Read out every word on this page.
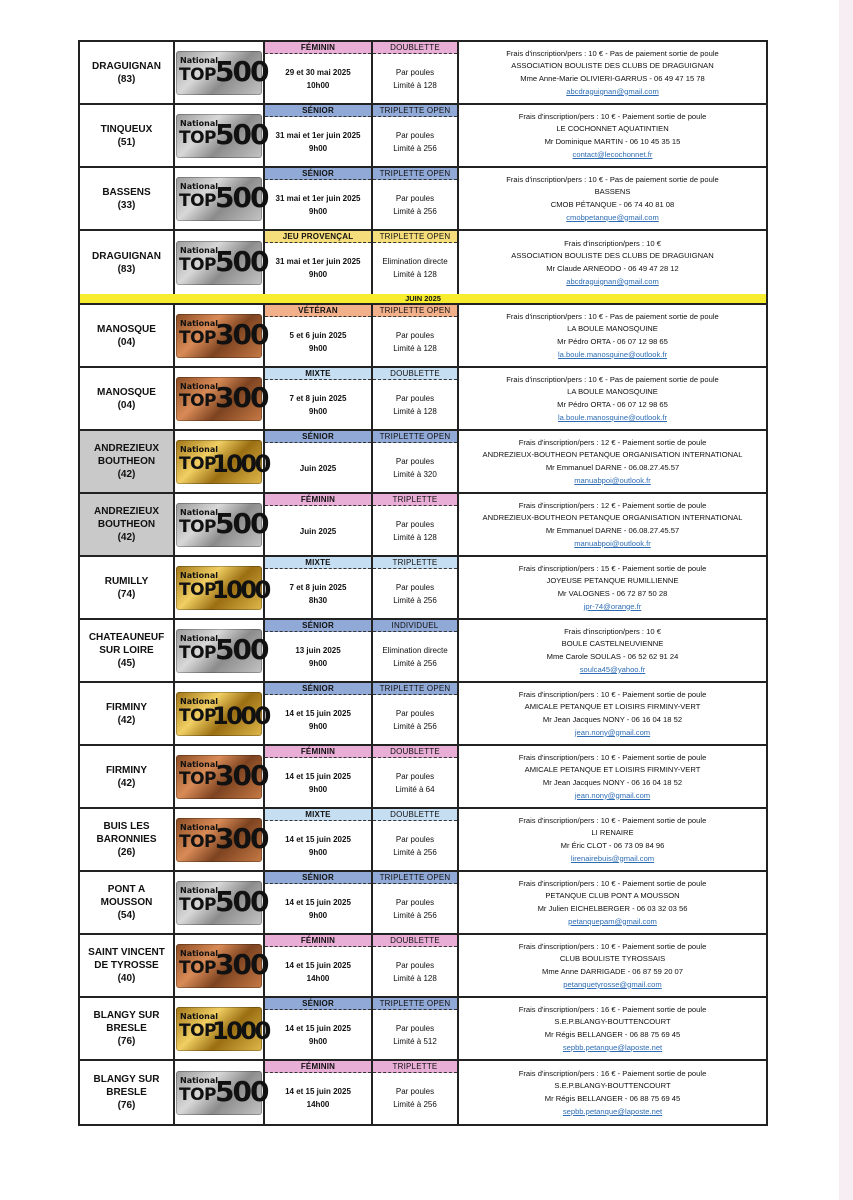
DRAGUIGNAN
(83)
National
TOP
500
FÉMININ
29 et 30 mai 2025
10h00
DOUBLETTE
Par poules
Limité à 128
Frais d'inscription/pers : 10 € - Pas de paiement sortie de poule
ASSOCIATION BOULISTE DES CLUBS DE DRAGUIGNAN
Mme Anne-Marie OLIVIERI-GARRUS - 06 49 47 15 78
abcdraguignan@gmail.com
TINQUEUX
(51)
National
TOP
500
SÉNIOR
31 mai et 1er juin 2025
9h00
TRIPLETTE OPEN
Par poules
Limité à 256
Frais d'inscription/pers : 10 € - Paiement sortie de poule
LE COCHONNET AQUATINTIEN
Mr Dominique MARTIN - 06 10 45 35 15
contact@lecochonnet.fr
BASSENS
(33)
National
TOP
500
SÉNIOR
31 mai et 1er juin 2025
9h00
TRIPLETTE OPEN
Par poules
Limité à 256
Frais d'inscription/pers : 10 € - Pas de paiement sortie de poule
BASSENS
CMOB PÉTANQUE - 06 74 40 81 08
cmobpetanque@gmail.com
DRAGUIGNAN
(83)
National
TOP
500
JEU PROVENÇAL
31 mai et 1er juin 2025
9h00
TRIPLETTE OPEN
Elimination directe
Limité à 128
Frais d'inscription/pers : 10 €
ASSOCIATION BOULISTE DES CLUBS DE DRAGUIGNAN
Mr Claude ARNEODO - 06 49 47 28 12
abcdraguignan@gmail.com
JUIN 2025
MANOSQUE
(04)
National
TOP
300
VÉTÉRAN
5 et 6 juin 2025
9h00
TRIPLETTE OPEN
Par poules
Limité à 128
Frais d'inscription/pers : 10 € - Pas de paiement sortie de poule
LA BOULE MANOSQUINE
Mr Pédro ORTA - 06 07 12 98 65
la.boule.manosquine@outlook.fr
MANOSQUE
(04)
National
TOP
300
MIXTE
7 et 8 juin 2025
9h00
DOUBLETTE
Par poules
Limité à 128
Frais d'inscription/pers : 10 € - Pas de paiement sortie de poule
LA BOULE MANOSQUINE
Mr Pédro ORTA - 06 07 12 98 65
la.boule.manosquine@outlook.fr
ANDREZIEUX
BOUTHEON
(42)
National
TOP
1000
SÉNIOR
Juin 2025
TRIPLETTE OPEN
Par poules
Limité à 320
Frais d'inscription/pers : 12 € - Paiement sortie de poule
ANDREZIEUX-BOUTHEON PETANQUE ORGANISATION INTERNATIONAL
Mr Emmanuel DARNE - 06.08.27.45.57
manuabpoi@outlook.fr
ANDREZIEUX
BOUTHEON
(42)
National
TOP
500
FÉMININ
Juin 2025
TRIPLETTE
Par poules
Limité à 128
Frais d'inscription/pers : 12 € - Paiement sortie de poule
ANDREZIEUX-BOUTHEON PETANQUE ORGANISATION INTERNATIONAL
Mr Emmanuel DARNE - 06.08.27.45.57
manuabpoi@outlook.fr
RUMILLY
(74)
National
TOP
1000
MIXTE
7 et 8 juin 2025
8h30
TRIPLETTE
Par poules
Limité à 256
Frais d'inscription/pers : 15 € - Paiement sortie de poule
JOYEUSE PETANQUE RUMILLIENNE
Mr VALOGNES - 06 72 87 50 28
jpr-74@orange.fr
CHATEAUNEUF
SUR LOIRE
(45)
National
TOP
500
SÉNIOR
13 juin 2025
9h00
INDIVIDUEL
Elimination directe
Limité à 256
Frais d'inscription/pers : 10 €
BOULE CASTELNEUVIENNE
Mme Carole SOULAS - 06 52 62 91 24
soulca45@yahoo.fr
FIRMINY
(42)
National
TOP
1000
SÉNIOR
14 et 15 juin 2025
9h00
TRIPLETTE OPEN
Par poules
Limité à 256
Frais d'inscription/pers : 10 € - Paiement sortie de poule
AMICALE PETANQUE ET LOISIRS FIRMINY-VERT
Mr Jean Jacques NONY - 06 16 04 18 52
jean.nony@gmail.com
FIRMINY
(42)
National
TOP
300
FÉMININ
14 et 15 juin 2025
9h00
DOUBLETTE
Par poules
Limité à 64
Frais d'inscription/pers : 10 € - Paiement sortie de poule
AMICALE PETANQUE ET LOISIRS FIRMINY-VERT
Mr Jean Jacques NONY - 06 16 04 18 52
jean.nony@gmail.com
BUIS LES
BARONNIES
(26)
National
TOP
300
MIXTE
14 et 15 juin 2025
9h00
DOUBLETTE
Par poules
Limité à 256
Frais d'inscription/pers : 10 € - Paiement sortie de poule
LI RENAIRE
Mr Éric CLOT - 06 73 09 84 96
lirenairebuis@gmail.com
PONT A
MOUSSON
(54)
National
TOP
500
SÉNIOR
14 et 15 juin 2025
9h00
TRIPLETTE OPEN
Par poules
Limité à 256
Frais d'inscription/pers : 10 € - Paiement sortie de poule
PETANQUE CLUB PONT A MOUSSON
Mr Julien EICHELBERGER - 06 03 32 03 56
petanquepam@gmail.com
SAINT VINCENT
DE TYROSSE
(40)
National
TOP
300
FÉMININ
14 et 15 juin 2025
14h00
DOUBLETTE
Par poules
Limité à 128
Frais d'inscription/pers : 10 € - Paiement sortie de poule
CLUB BOULISTE TYROSSAIS
Mme Anne DARRIGADE - 06 87 59 20 07
petanquetyrosse@gmail.com
BLANGY SUR
BRESLE
(76)
National
TOP
1000
SÉNIOR
14 et 15 juin 2025
9h00
TRIPLETTE OPEN
Par poules
Limité à 512
Frais d'inscription/pers : 16 € - Paiement sortie de poule
S.E.P.BLANGY-BOUTTENCOURT
Mr Régis BELLANGER - 06 88 75 69 45
sepbb.petanque@laposte.net
BLANGY SUR
BRESLE
(76)
National
TOP
500
FÉMININ
14 et 15 juin 2025
14h00
TRIPLETTE
Par poules
Limité à 256
Frais d'inscription/pers : 16 € - Paiement sortie de poule
S.E.P.BLANGY-BOUTTENCOURT
Mr Régis BELLANGER - 06 88 75 69 45
sepbb.petanque@laposte.net
